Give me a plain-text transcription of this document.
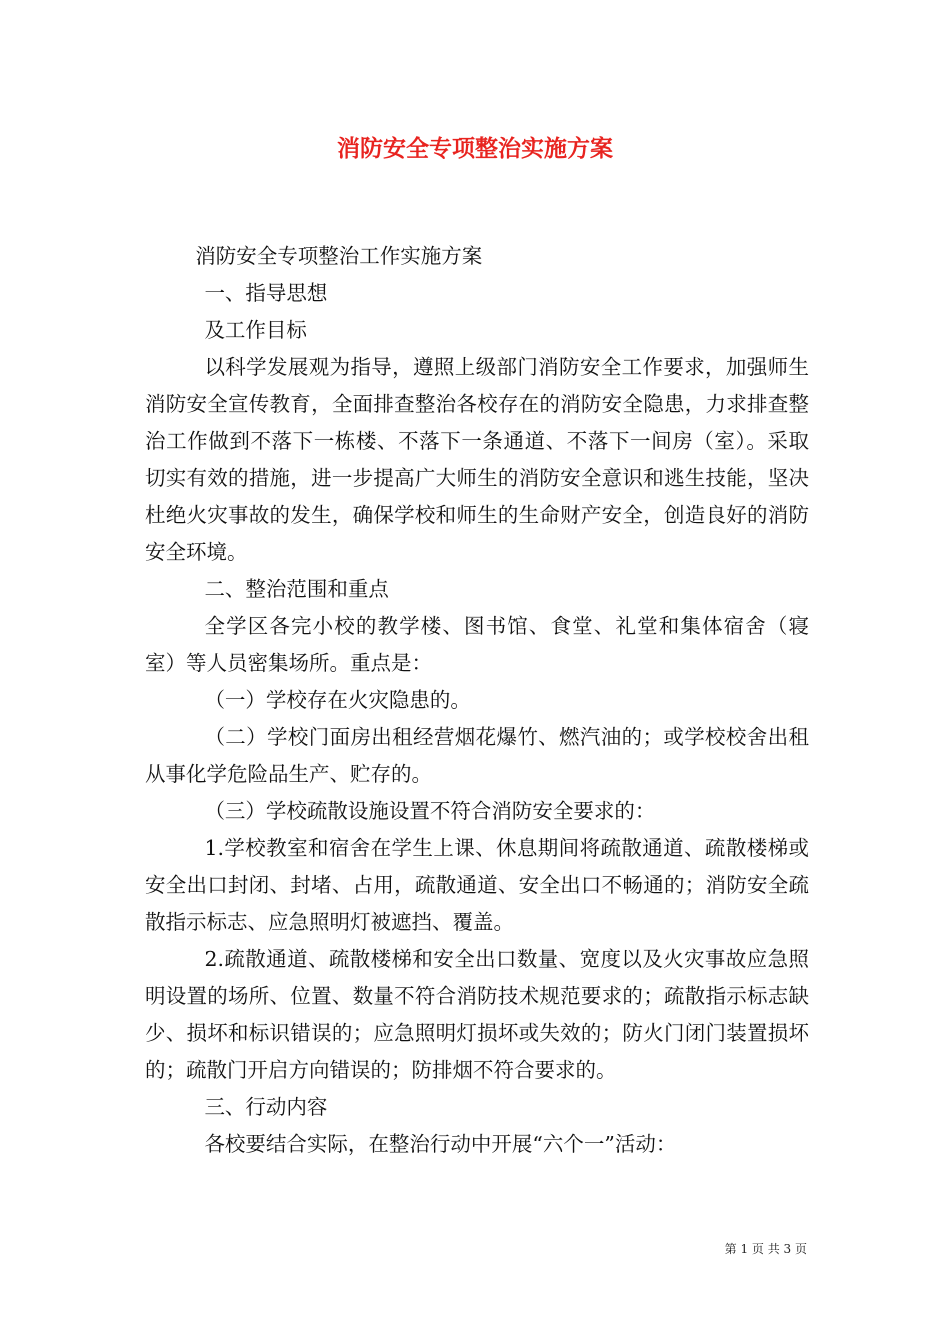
消防安全专项整治实施方案

消防安全专项整治工作实施方案

一、指导思想

及工作目标

以科学发展观为指导，遵照上级部门消防安全工作要求，加强师生消防安全宣传教育，全面排查整治各校存在的消防安全隐患，力求排查整治工作做到不落下一栋楼、不落下一条通道、不落下一间房（室）。采取切实有效的措施，进一步提高广大师生的消防安全意识和逃生技能，坚决杜绝火灾事故的发生，确保学校和师生的生命财产安全，创造良好的消防安全环境。

二、整治范围和重点

全学区各完小校的教学楼、图书馆、食堂、礼堂和集体宿舍（寝室）等人员密集场所。重点是：

（一）学校存在火灾隐患的。

（二）学校门面房出租经营烟花爆竹、燃汽油的；或学校校舍出租从事化学危险品生产、贮存的。

（三）学校疏散设施设置不符合消防安全要求的：

1.学校教室和宿舍在学生上课、休息期间将疏散通道、疏散楼梯或安全出口封闭、封堵、占用，疏散通道、安全出口不畅通的；消防安全疏散指示标志、应急照明灯被遮挡、覆盖。

2.疏散通道、疏散楼梯和安全出口数量、宽度以及火灾事故应急照明设置的场所、位置、数量不符合消防技术规范要求的；疏散指示标志缺少、损坏和标识错误的；应急照明灯损坏或失效的；防火门闭门装置损坏的；疏散门开启方向错误的；防排烟不符合要求的。

三、行动内容

各校要结合实际，在整治行动中开展“六个一”活动：

第 1 页 共 3 页
